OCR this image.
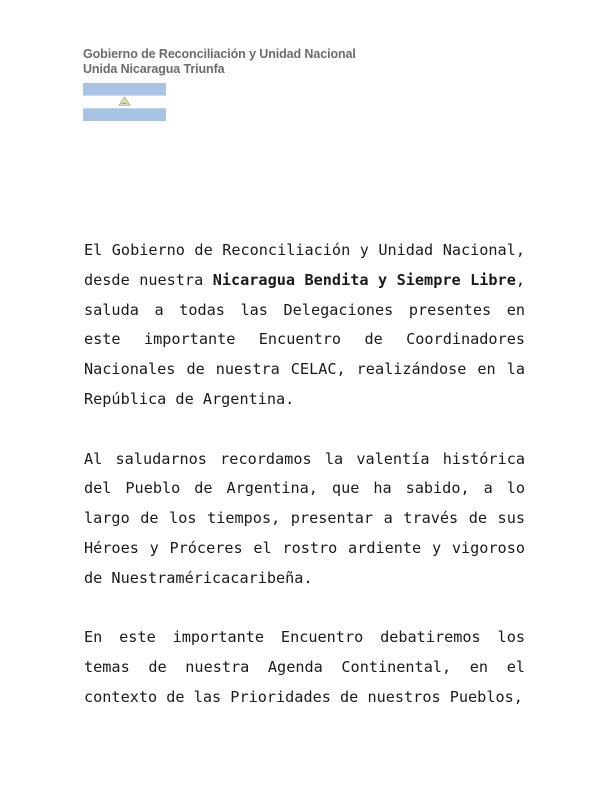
Gobierno de Reconciliación y Unidad Nacional
Unida Nicaragua Triunfa

El Gobierno de Reconciliación y Unidad Nacional, desde nuestra Nicaragua Bendita y Siempre Libre, saluda a todas las Delegaciones presentes en este importante Encuentro de Coordinadores Nacionales de nuestra CELAC, realizándose en la República de Argentina.

Al saludarnos recordamos la valentía histórica del Pueblo de Argentina, que ha sabido, a lo largo de los tiempos, presentar a través de sus Héroes y Próceres el rostro ardiente y vigoroso de Nuestraméricacaribeña.

En este importante Encuentro debatiremos los temas de nuestra Agenda Continental, en el contexto de las Prioridades de nuestros Pueblos,
